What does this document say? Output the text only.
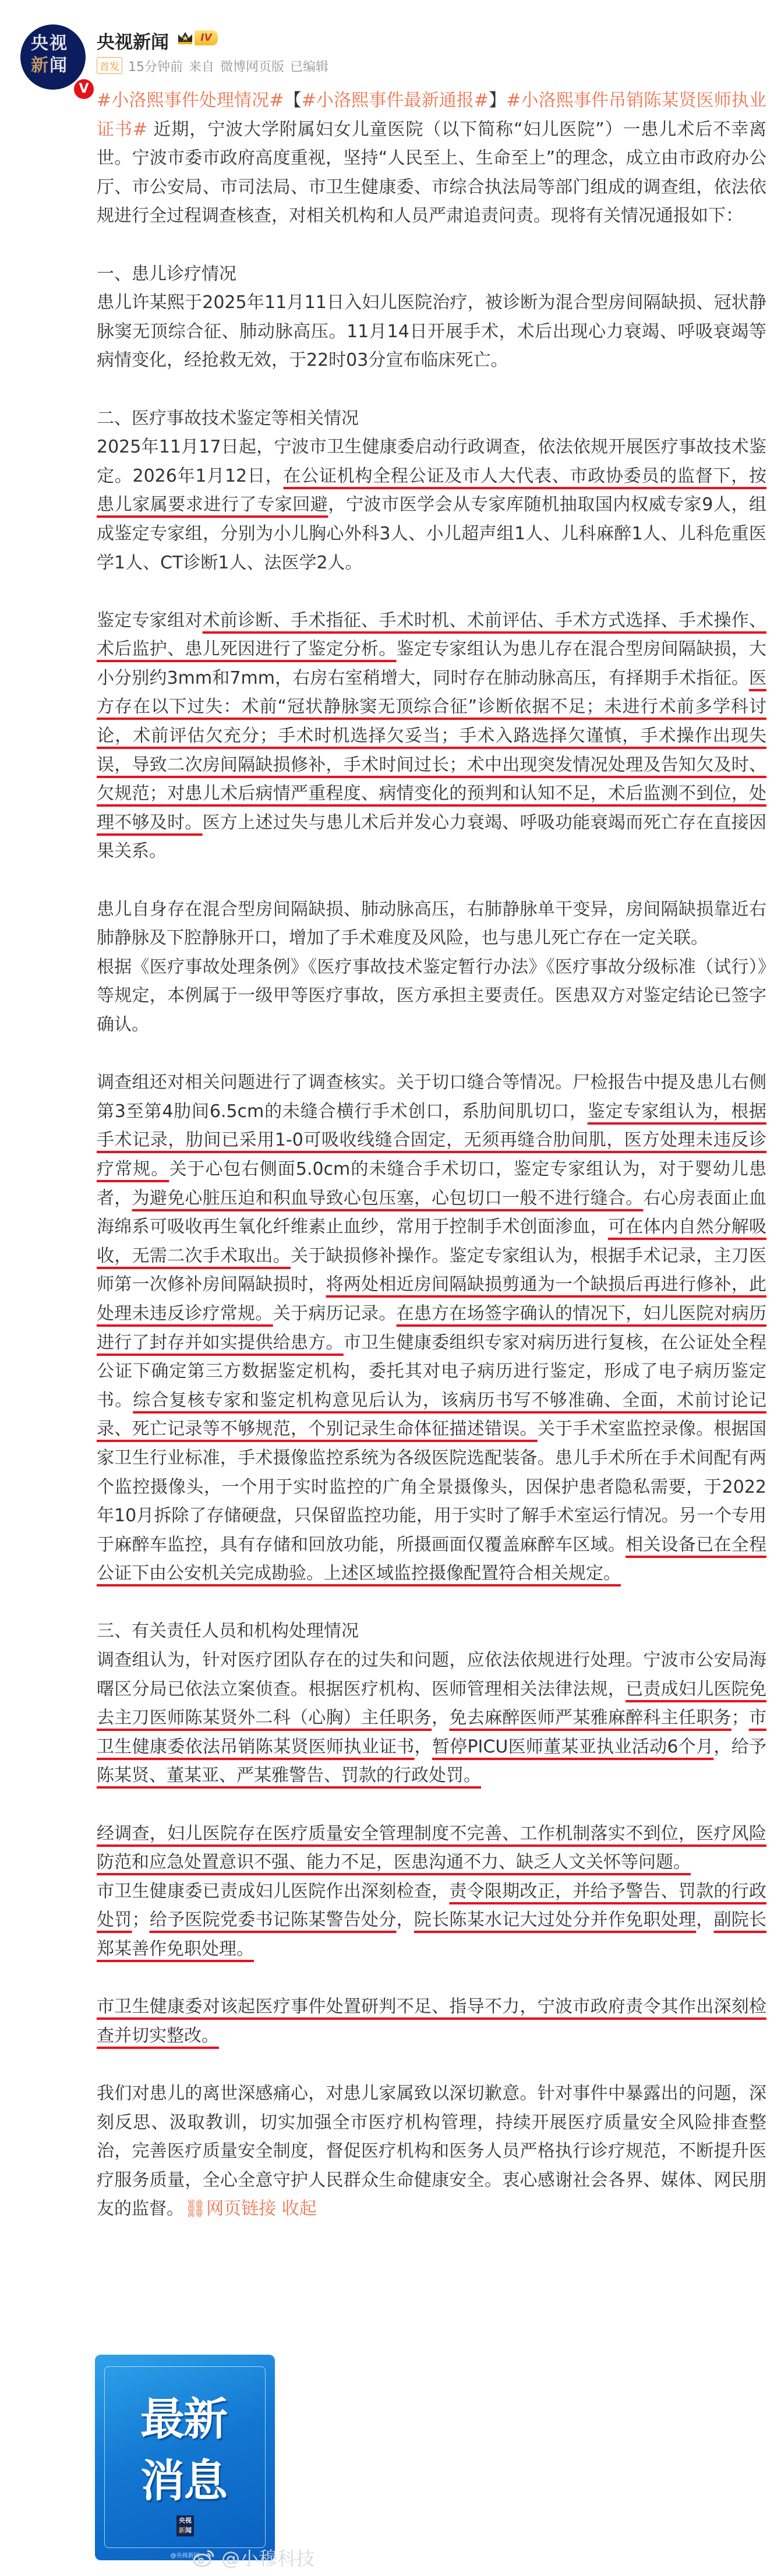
央视
新闻
V
央视新闻	IV
首发 15分钟前 来自 微博网页版 已编辑

#小洛熙事件处理情况#【#小洛熙事件最新通报#】#小洛熙事件吊销陈某贤医师执业证书# 近期，宁波大学附属妇女儿童医院（以下简称“妇儿医院”）一患儿术后不幸离世。宁波市委市政府高度重视，坚持“人民至上、生命至上”的理念，成立由市政府办公厅、市公安局、市司法局、市卫生健康委、市综合执法局等部门组成的调查组，依法依规进行全过程调查核查，对相关机构和人员严肃追责问责。现将有关情况通报如下：

一、患儿诊疗情况

患儿许某熙于2025年11月11日入妇儿医院治疗，被诊断为混合型房间隔缺损、冠状静脉窦无顶综合征、肺动脉高压。11月14日开展手术，术后出现心力衰竭、呼吸衰竭等病情变化，经抢救无效，于22时03分宣布临床死亡。

二、医疗事故技术鉴定等相关情况

2025年11月17日起，宁波市卫生健康委启动行政调查，依法依规开展医疗事故技术鉴定。2026年1月12日，在公证机构全程公证及市人大代表、市政协委员的监督下，按患儿家属要求进行了专家回避，宁波市医学会从专家库随机抽取国内权威专家9人，组成鉴定专家组，分别为小儿胸心外科3人、小儿超声组1人、儿科麻醉1人、儿科危重医学1人、CT诊断1人、法医学2人。

鉴定专家组对术前诊断、手术指征、手术时机、术前评估、手术方式选择、手术操作、术后监护、患儿死因进行了鉴定分析。鉴定专家组认为患儿存在混合型房间隔缺损，大小分别约3mm和7mm，右房右室稍增大，同时存在肺动脉高压，有择期手术指征。医方存在以下过失：术前“冠状静脉窦无顶综合征”诊断依据不足；未进行术前多学科讨论，术前评估欠充分；手术时机选择欠妥当；手术入路选择欠谨慎，手术操作出现失误，导致二次房间隔缺损修补，手术时间过长；术中出现突发情况处理及告知欠及时、欠规范；对患儿术后病情严重程度、病情变化的预判和认知不足，术后监测不到位，处理不够及时。医方上述过失与患儿术后并发心力衰竭、呼吸功能衰竭而死亡存在直接因果关系。

患儿自身存在混合型房间隔缺损、肺动脉高压，右肺静脉单干变异，房间隔缺损靠近右肺静脉及下腔静脉开口，增加了手术难度及风险，也与患儿死亡存在一定关联。

根据《医疗事故处理条例》《医疗事故技术鉴定暂行办法》《医疗事故分级标准（试行）》等规定，本例属于一级甲等医疗事故，医方承担主要责任。医患双方对鉴定结论已签字确认。

调查组还对相关问题进行了调查核实。关于切口缝合等情况。尸检报告中提及患儿右侧第3至第4肋间6.5cm的未缝合横行手术创口，系肋间肌切口，鉴定专家组认为，根据手术记录，肋间已采用1-0可吸收线缝合固定，无须再缝合肋间肌，医方处理未违反诊疗常规。关于心包右侧面5.0cm的未缝合手术切口，鉴定专家组认为，对于婴幼儿患者，为避免心脏压迫和积血导致心包压塞，心包切口一般不进行缝合。右心房表面止血海绵系可吸收再生氧化纤维素止血纱，常用于控制手术创面渗血，可在体内自然分解吸收，无需二次手术取出。关于缺损修补操作。鉴定专家组认为，根据手术记录，主刀医师第一次修补房间隔缺损时，将两处相近房间隔缺损剪通为一个缺损后再进行修补，此处理未违反诊疗常规。关于病历记录。在患方在场签字确认的情况下，妇儿医院对病历进行了封存并如实提供给患方。市卫生健康委组织专家对病历进行复核，在公证处全程公证下确定第三方数据鉴定机构，委托其对电子病历进行鉴定，形成了电子病历鉴定书。综合复核专家和鉴定机构意见后认为，该病历书写不够准确、全面，术前讨论记录、死亡记录等不够规范，个别记录生命体征描述错误。关于手术室监控录像。根据国家卫生行业标准，手术摄像监控系统为各级医院选配装备。患儿手术所在手术间配有两个监控摄像头，一个用于实时监控的广角全景摄像头，因保护患者隐私需要，于2022年10月拆除了存储硬盘，只保留监控功能，用于实时了解手术室运行情况。另一个专用于麻醉车监控，具有存储和回放功能，所摄画面仅覆盖麻醉车区域。相关设备已在全程公证下由公安机关完成勘验。上述区域监控摄像配置符合相关规定。

三、有关责任人员和机构处理情况

调查组认为，针对医疗团队存在的过失和问题，应依法依规进行处理。宁波市公安局海曙区分局已依法立案侦查。根据医疗机构、医师管理相关法律法规，已责成妇儿医院免去主刀医师陈某贤外二科（心胸）主任职务，免去麻醉医师严某雅麻醉科主任职务；市卫生健康委依法吊销陈某贤医师执业证书，暂停PICU医师董某亚执业活动6个月，给予陈某贤、董某亚、严某雅警告、罚款的行政处罚。

经调查，妇儿医院存在医疗质量安全管理制度不完善、工作机制落实不到位，医疗风险防范和应急处置意识不强、能力不足，医患沟通不力、缺乏人文关怀等问题。

市卫生健康委已责成妇儿医院作出深刻检查，责令限期改正，并给予警告、罚款的行政处罚；给予医院党委书记陈某警告处分，院长陈某水记大过处分并作免职处理，副院长郑某善作免职处理。

市卫生健康委对该起医疗事件处置研判不足、指导不力，宁波市政府责令其作出深刻检查并切实整改。

我们对患儿的离世深感痛心，对患儿家属致以深切歉意。针对事件中暴露出的问题，深刻反思、汲取教训，切实加强全市医疗机构管理，持续开展医疗质量安全风险排查整治，完善医疗质量安全制度，督促医疗机构和医务人员严格执行诊疗规范，不断提升医疗服务质量，全心全意守护人民群众生命健康安全。衷心感谢社会各界、媒体、网民朋友的监督。⛓网页链接 收起

最新
消息
央视
新闻
@央视新闻	@小穆科技
